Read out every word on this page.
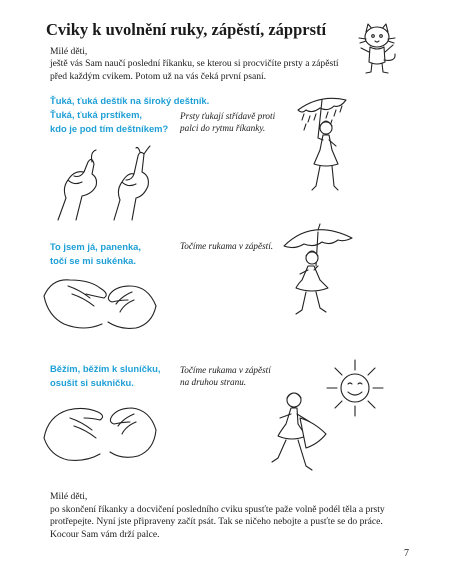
Cviky k uvolnění ruky, zápěstí, zápprstí
Milé děti,
ještě vás Sam naučí poslední říkanku, se kterou si procvičíte prsty a zápěstí
před každým cvikem. Potom už na vás čeká první psaní.
Ťuká, ťuká deštík na široký deštník.
Ťuká, ťuká prstíkem,
kdo je pod tím deštníkem?
Prsty ťukají střídavě proti
palci do rytmu říkanky.
To jsem já, panenka,
točí se mi sukénka.
Točíme rukama v zápěstí.
Běžím, běžím k sluníčku,
osušit si sukničku.
Točíme rukama v zápěstí
na druhou stranu.
Milé děti,
po skončení říkanky a docvičení posledního cviku spusťte paže volně podél těla a prsty
protřepejte. Nyní jste připraveny začít psát. Tak se ničeho nebojte a pusťte se do práce.
Kocour Sam vám drží palce.
7
